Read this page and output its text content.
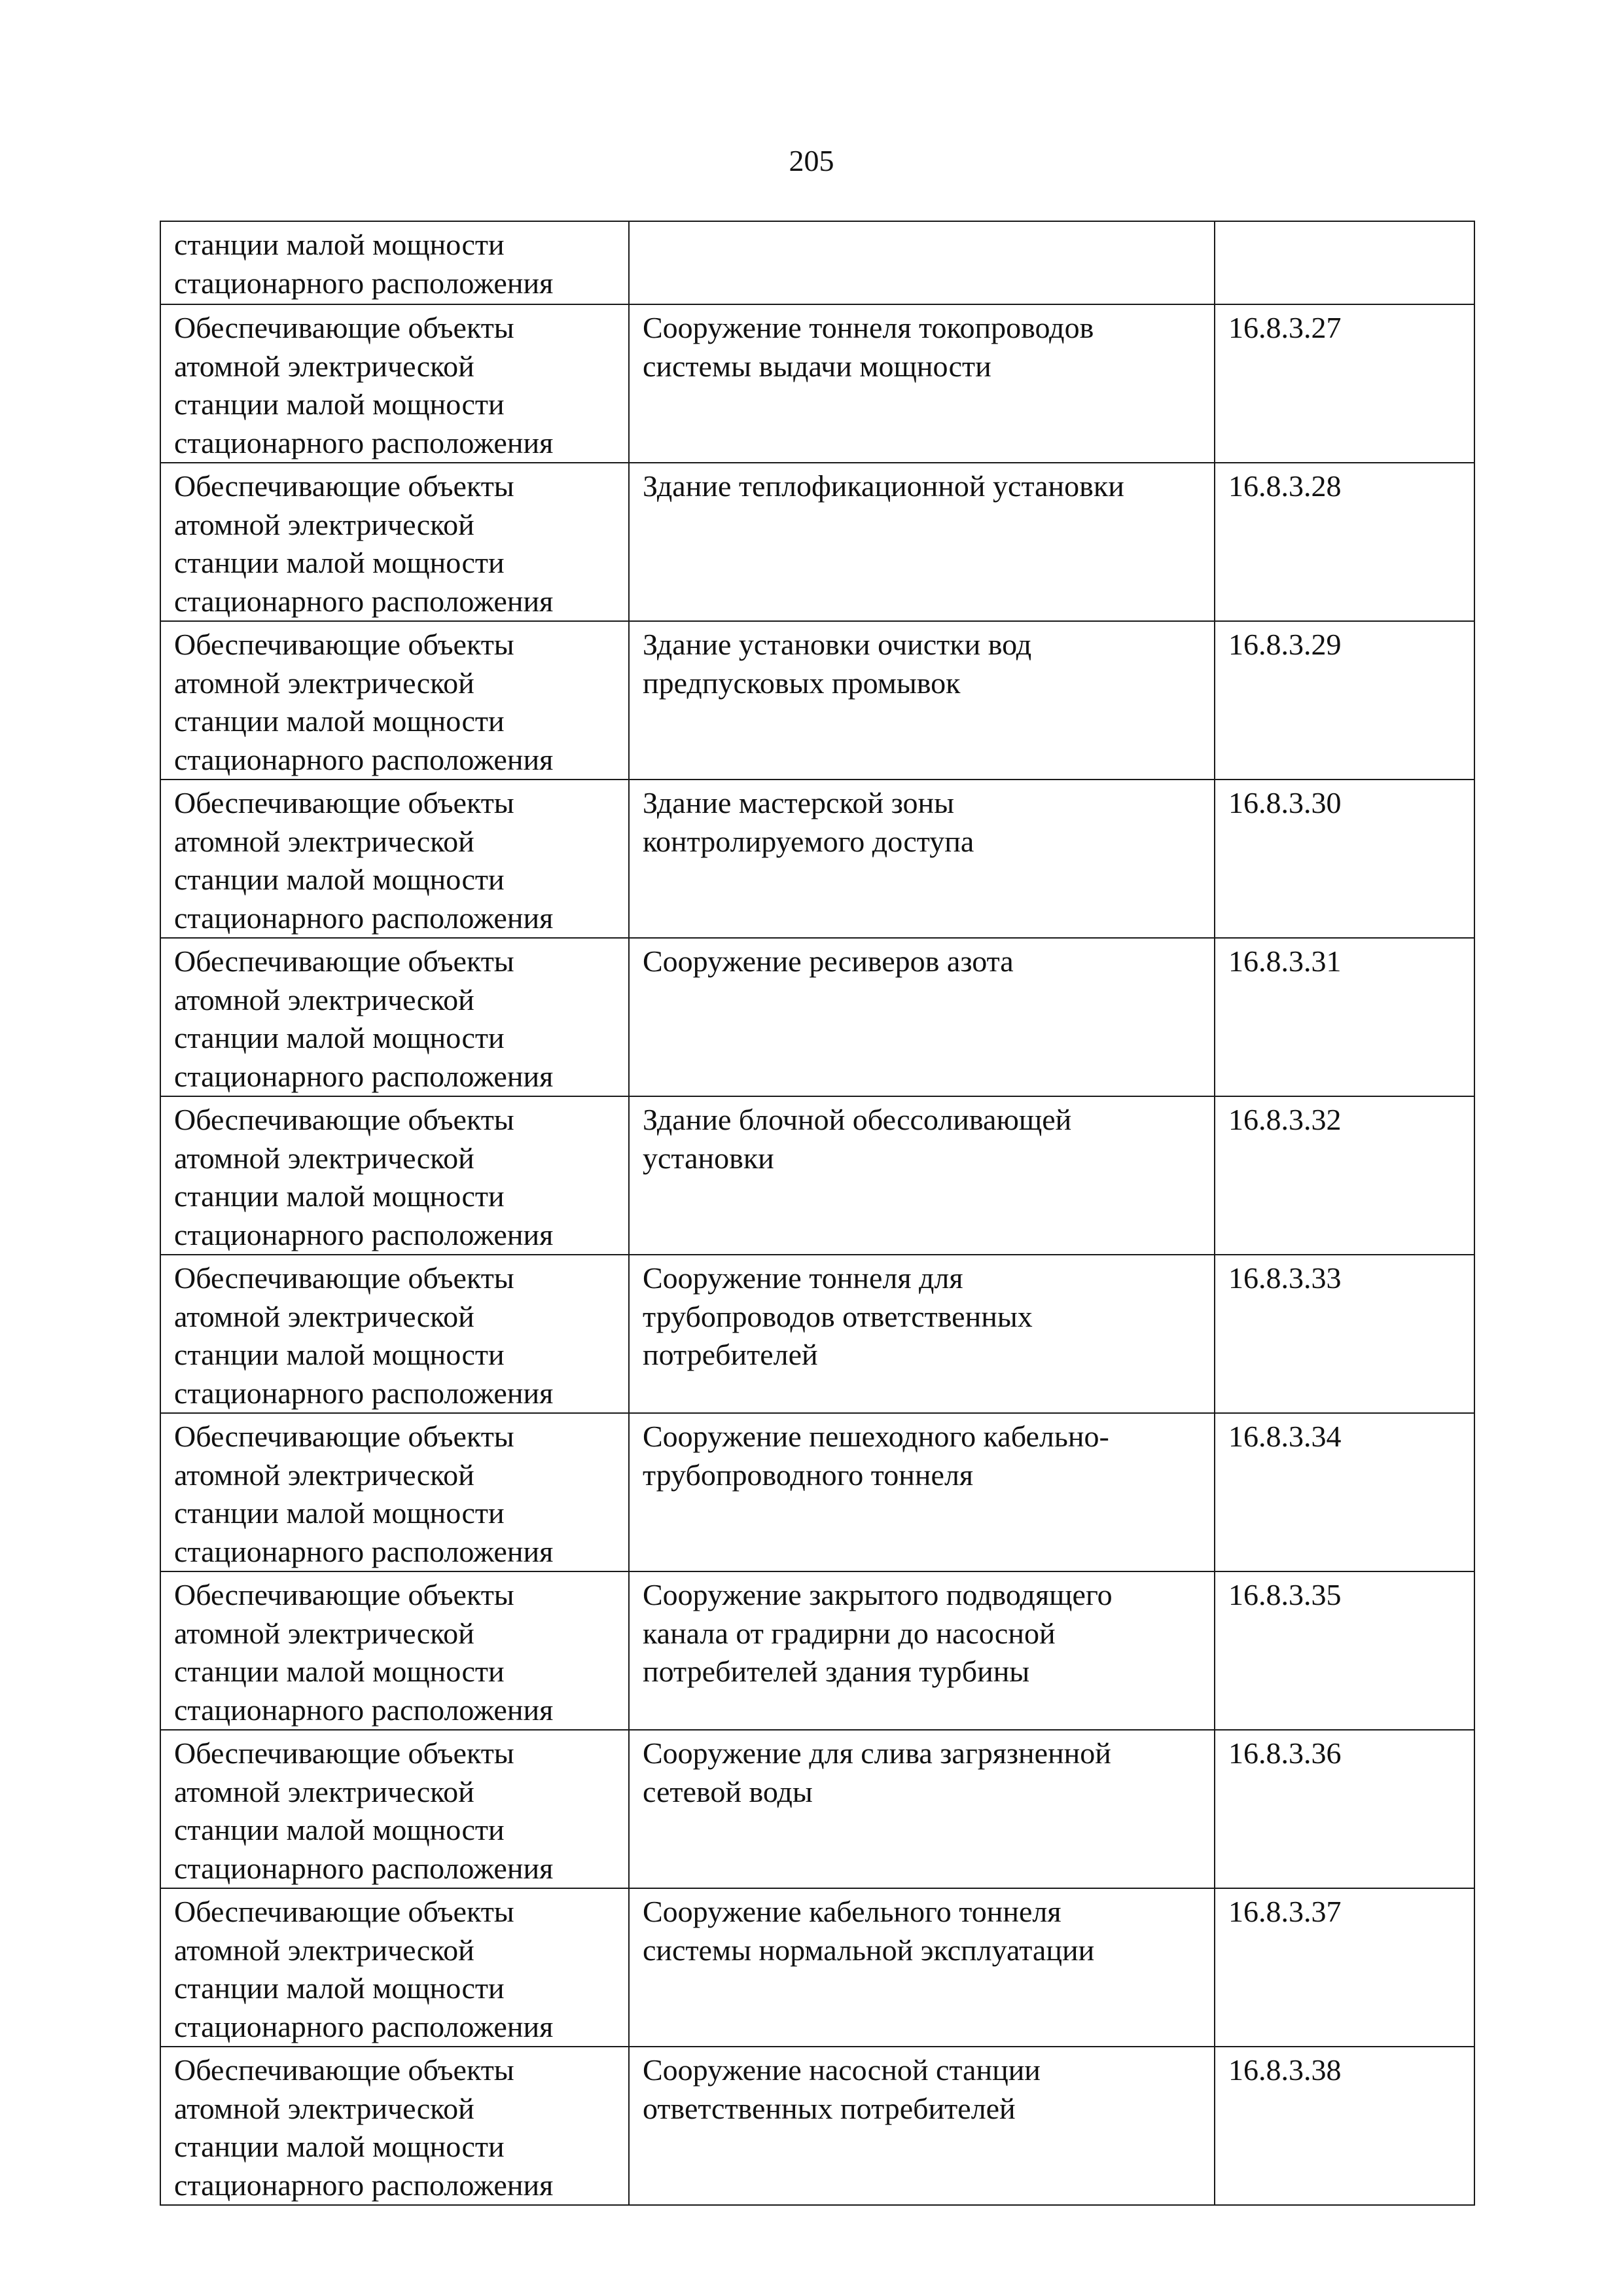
205
станции малой мощности
стационарного расположения		

Обеспечивающие объекты
атомной электрической
станции малой мощности
стационарного расположения	Сооружение тоннеля токопроводов
системы выдачи мощности	16.8.3.27

Обеспечивающие объекты
атомной электрической
станции малой мощности
стационарного расположения	Здание теплофикационной установки	16.8.3.28

Обеспечивающие объекты
атомной электрической
станции малой мощности
стационарного расположения	Здание установки очистки вод
предпусковых промывок	16.8.3.29

Обеспечивающие объекты
атомной электрической
станции малой мощности
стационарного расположения	Здание мастерской зоны
контролируемого доступа	16.8.3.30

Обеспечивающие объекты
атомной электрической
станции малой мощности
стационарного расположения	Сооружение ресиверов азота	16.8.3.31

Обеспечивающие объекты
атомной электрической
станции малой мощности
стационарного расположения	Здание блочной обессоливающей
установки	16.8.3.32

Обеспечивающие объекты
атомной электрической
станции малой мощности
стационарного расположения	Сооружение тоннеля для
трубопроводов ответственных
потребителей	16.8.3.33

Обеспечивающие объекты
атомной электрической
станции малой мощности
стационарного расположения	Сооружение пешеходного кабельно-
трубопроводного тоннеля	16.8.3.34

Обеспечивающие объекты
атомной электрической
станции малой мощности
стационарного расположения	Сооружение закрытого подводящего
канала от градирни до насосной
потребителей здания турбины	16.8.3.35

Обеспечивающие объекты
атомной электрической
станции малой мощности
стационарного расположения	Сооружение для слива загрязненной
сетевой воды	16.8.3.36

Обеспечивающие объекты
атомной электрической
станции малой мощности
стационарного расположения	Сооружение кабельного тоннеля
системы нормальной эксплуатации	16.8.3.37

Обеспечивающие объекты
атомной электрической
станции малой мощности
стационарного расположения	Сооружение насосной станции
ответственных потребителей	16.8.3.38
